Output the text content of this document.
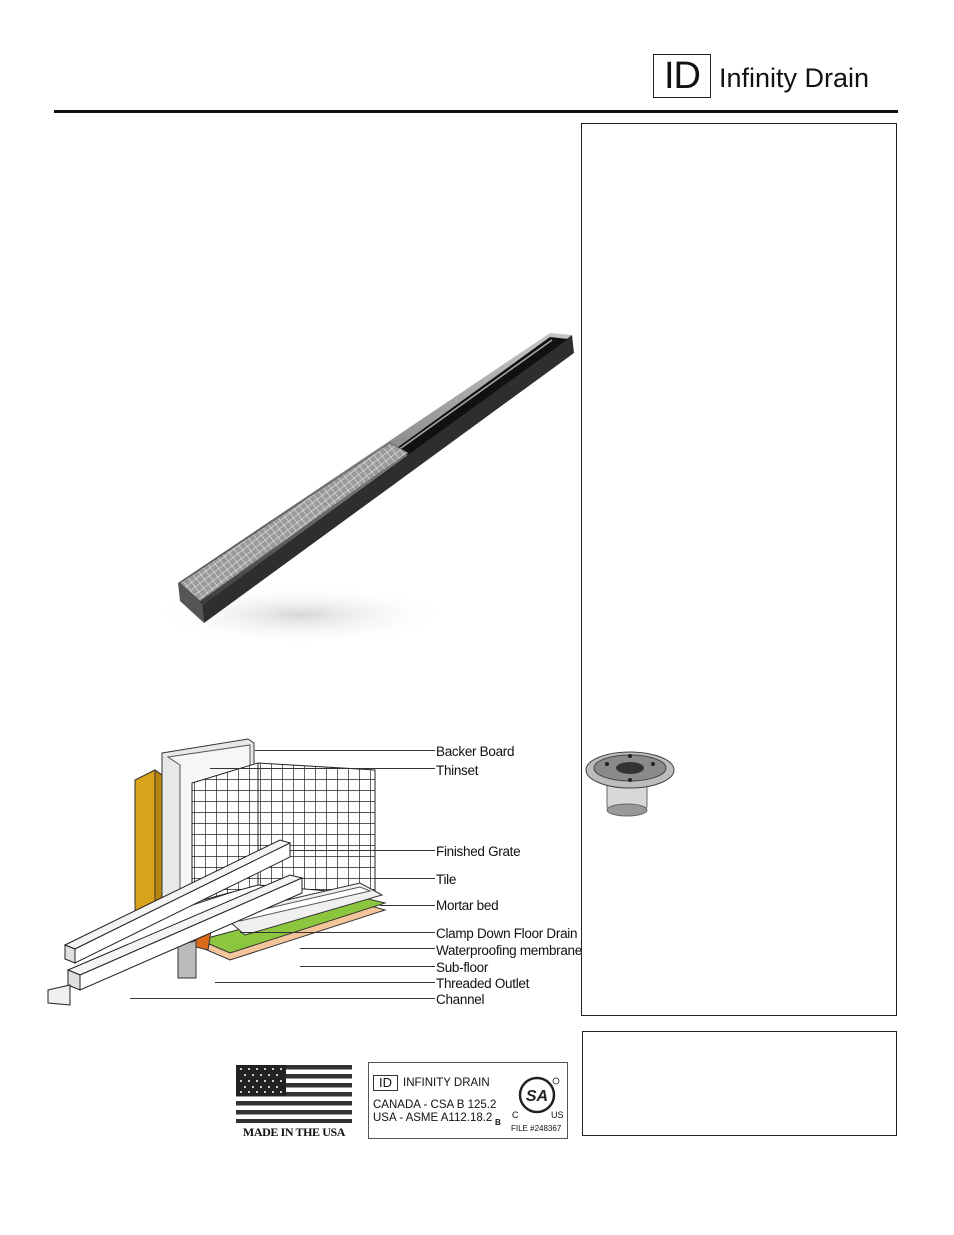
ID Infinity Drain
Backer Board
Thinset
Finished Grate
Tile
Mortar bed
Clamp Down Floor Drain
Waterproofing membrane
Sub-floor
Threaded Outlet
Channel
MADE IN THE USA
ID INFINITY DRAIN
CANADA - CSA B 125.2
USA - ASME A112.18.2 B
SA
C	US
FILE #248367
